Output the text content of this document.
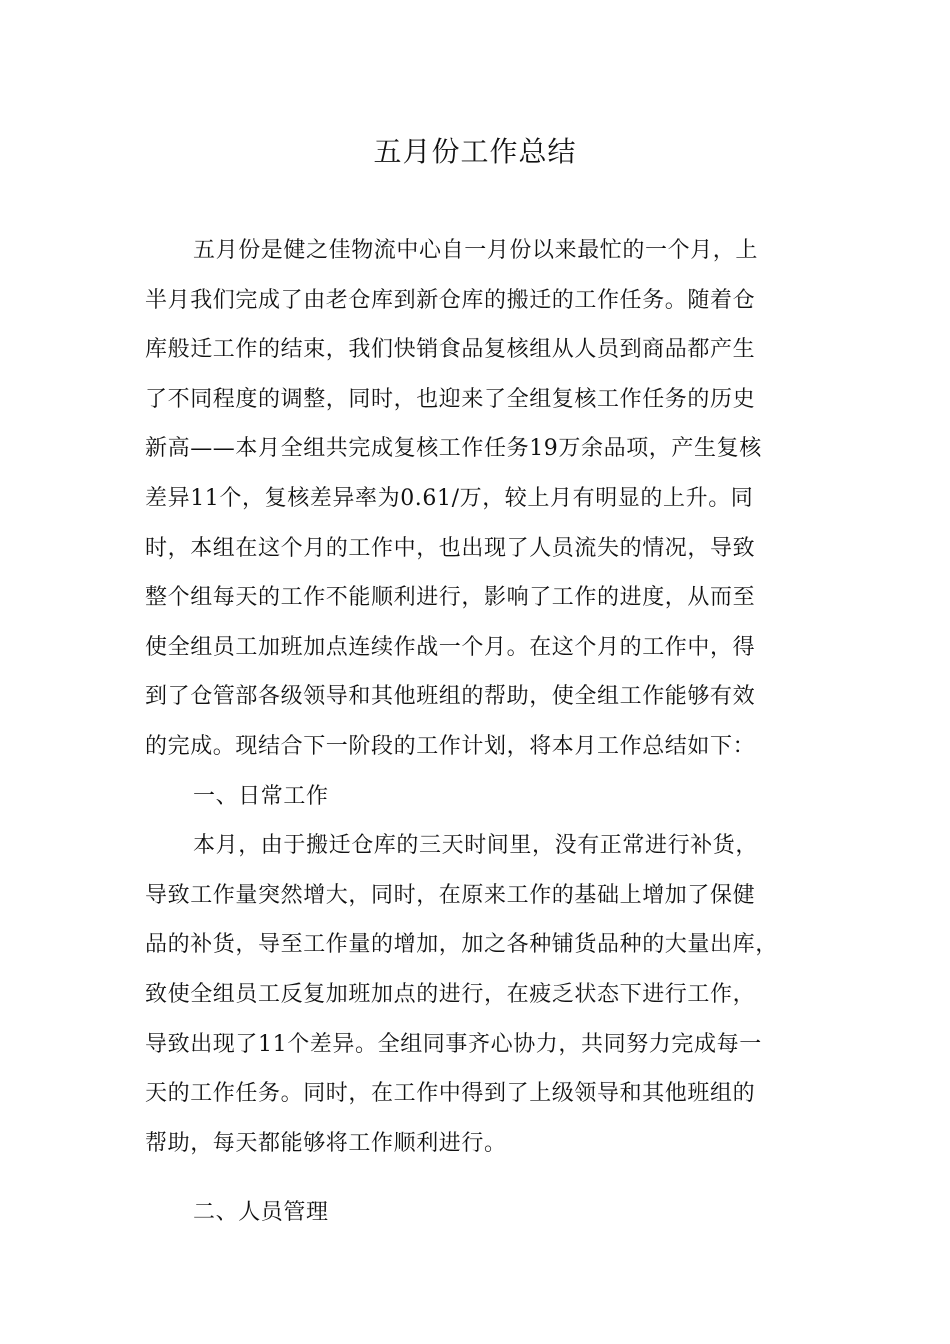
五月份工作总结
五月份是健之佳物流中心自一月份以来最忙的一个月，上
半月我们完成了由老仓库到新仓库的搬迁的工作任务。随着仓
库般迁工作的结束，我们快销食品复核组从人员到商品都产生
了不同程度的调整，同时，也迎来了全组复核工作任务的历史
新高——本月全组共完成复核工作任务19万余品项，产生复核
差异11个，复核差异率为0.61/万，较上月有明显的上升。同
时，本组在这个月的工作中，也出现了人员流失的情况，导致
整个组每天的工作不能顺利进行，影响了工作的进度，从而至
使全组员工加班加点连续作战一个月。在这个月的工作中，得
到了仓管部各级领导和其他班组的帮助，使全组工作能够有效
的完成。现结合下一阶段的工作计划，将本月工作总结如下：
一、日常工作
本月，由于搬迁仓库的三天时间里，没有正常进行补货，
导致工作量突然增大，同时，在原来工作的基础上增加了保健
品的补货，导至工作量的增加，加之各种铺货品种的大量出库，
致使全组员工反复加班加点的进行，在疲乏状态下进行工作，
导致出现了11个差异。全组同事齐心协力，共同努力完成每一
天的工作任务。同时，在工作中得到了上级领导和其他班组的
帮助，每天都能够将工作顺利进行。
二、人员管理
